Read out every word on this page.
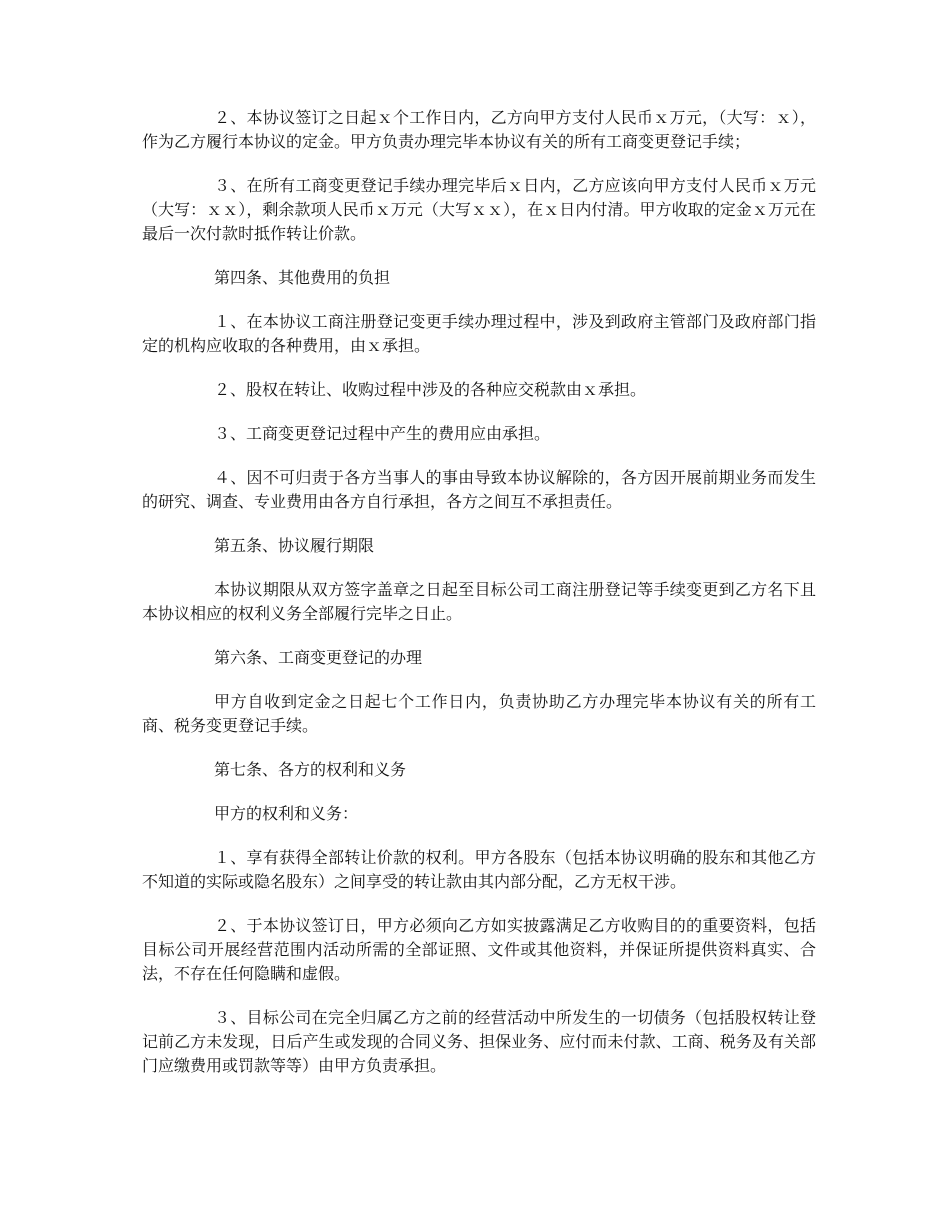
２、本协议签订之日起ｘ个工作日内，乙方向甲方支付人民币ｘ万元，（大写：ｘ），作为乙方履行本协议的定金。甲方负责办理完毕本协议有关的所有工商变更登记手续；

３、在所有工商变更登记手续办理完毕后ｘ日内，乙方应该向甲方支付人民币ｘ万元（大写：ｘｘ），剩余款项人民币ｘ万元（大写ｘｘ），在ｘ日内付清。甲方收取的定金ｘ万元在最后一次付款时抵作转让价款。

第四条、其他费用的负担

１、在本协议工商注册登记变更手续办理过程中，涉及到政府主管部门及政府部门指定的机构应收取的各种费用，由ｘ承担。

２、股权在转让、收购过程中涉及的各种应交税款由ｘ承担。

３、工商变更登记过程中产生的费用应由承担。

４、因不可归责于各方当事人的事由导致本协议解除的，各方因开展前期业务而发生的研究、调查、专业费用由各方自行承担，各方之间互不承担责任。

第五条、协议履行期限

本协议期限从双方签字盖章之日起至目标公司工商注册登记等手续变更到乙方名下且本协议相应的权利义务全部履行完毕之日止。

第六条、工商变更登记的办理

甲方自收到定金之日起七个工作日内，负责协助乙方办理完毕本协议有关的所有工商、税务变更登记手续。

第七条、各方的权利和义务

甲方的权利和义务：

１、享有获得全部转让价款的权利。甲方各股东（包括本协议明确的股东和其他乙方不知道的实际或隐名股东）之间享受的转让款由其内部分配，乙方无权干涉。

２、于本协议签订日，甲方必须向乙方如实披露满足乙方收购目的的重要资料，包括目标公司开展经营范围内活动所需的全部证照、文件或其他资料，并保证所提供资料真实、合法，不存在任何隐瞒和虚假。

３、目标公司在完全归属乙方之前的经营活动中所发生的一切债务（包括股权转让登记前乙方未发现，日后产生或发现的合同义务、担保业务、应付而未付款、工商、税务及有关部门应缴费用或罚款等等）由甲方负责承担。
